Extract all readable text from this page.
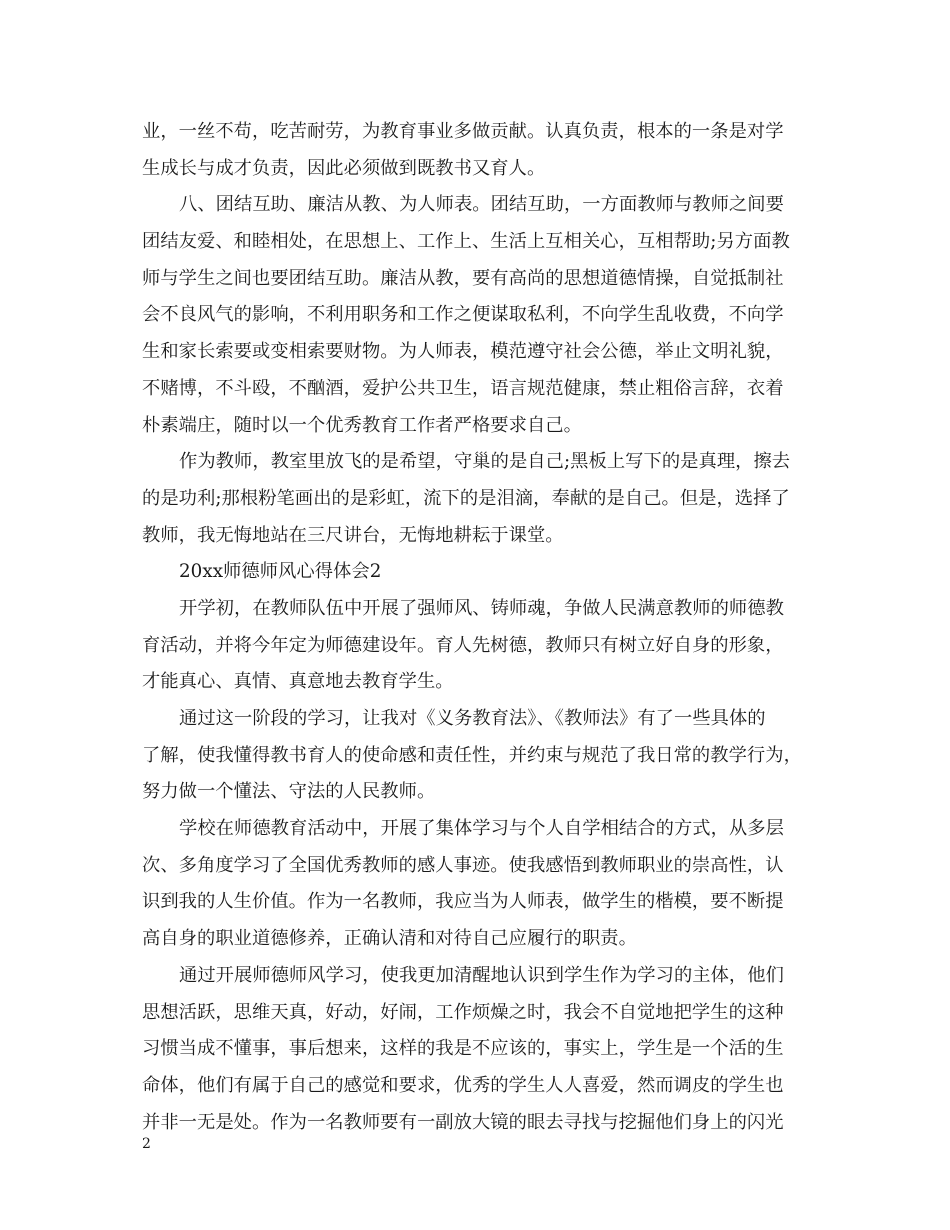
业，一丝不苟，吃苦耐劳，为教育事业多做贡献。认真负责，根本的一条是对学
生成长与成才负责，因此必须做到既教书又育人。
八、团结互助、廉洁从教、为人师表。团结互助，一方面教师与教师之间要
团结友爱、和睦相处，在思想上、工作上、生活上互相关心，互相帮助;另方面教
师与学生之间也要团结互助。廉洁从教，要有高尚的思想道德情操，自觉抵制社
会不良风气的影响，不利用职务和工作之便谋取私利，不向学生乱收费，不向学
生和家长索要或变相索要财物。为人师表，模范遵守社会公德，举止文明礼貌，
不赌博，不斗殴，不酗酒，爱护公共卫生，语言规范健康，禁止粗俗言辞，衣着
朴素端庄，随时以一个优秀教育工作者严格要求自己。
作为教师，教室里放飞的是希望，守巢的是自己;黑板上写下的是真理，擦去
的是功利;那根粉笔画出的是彩虹，流下的是泪滴，奉献的是自己。但是，选择了
教师，我无悔地站在三尺讲台，无悔地耕耘于课堂。
20xx师德师风心得体会2
开学初，在教师队伍中开展了强师风、铸师魂，争做人民满意教师的师德教
育活动，并将今年定为师德建设年。育人先树德，教师只有树立好自身的形象，
才能真心、真情、真意地去教育学生。
通过这一阶段的学习，让我对《义务教育法》、《教师法》有了一些具体的
了解，使我懂得教书育人的使命感和责任性，并约束与规范了我日常的教学行为，
努力做一个懂法、守法的人民教师。
学校在师德教育活动中，开展了集体学习与个人自学相结合的方式，从多层
次、多角度学习了全国优秀教师的感人事迹。使我感悟到教师职业的崇高性，认
识到我的人生价值。作为一名教师，我应当为人师表，做学生的楷模，要不断提
高自身的职业道德修养，正确认清和对待自己应履行的职责。
通过开展师德师风学习，使我更加清醒地认识到学生作为学习的主体，他们
思想活跃，思维天真，好动，好闹，工作烦燥之时，我会不自觉地把学生的这种
习惯当成不懂事，事后想来，这样的我是不应该的，事实上，学生是一个活的生
命体，他们有属于自己的感觉和要求，优秀的学生人人喜爱，然而调皮的学生也
并非一无是处。作为一名教师要有一副放大镜的眼去寻找与挖掘他们身上的闪光
2
